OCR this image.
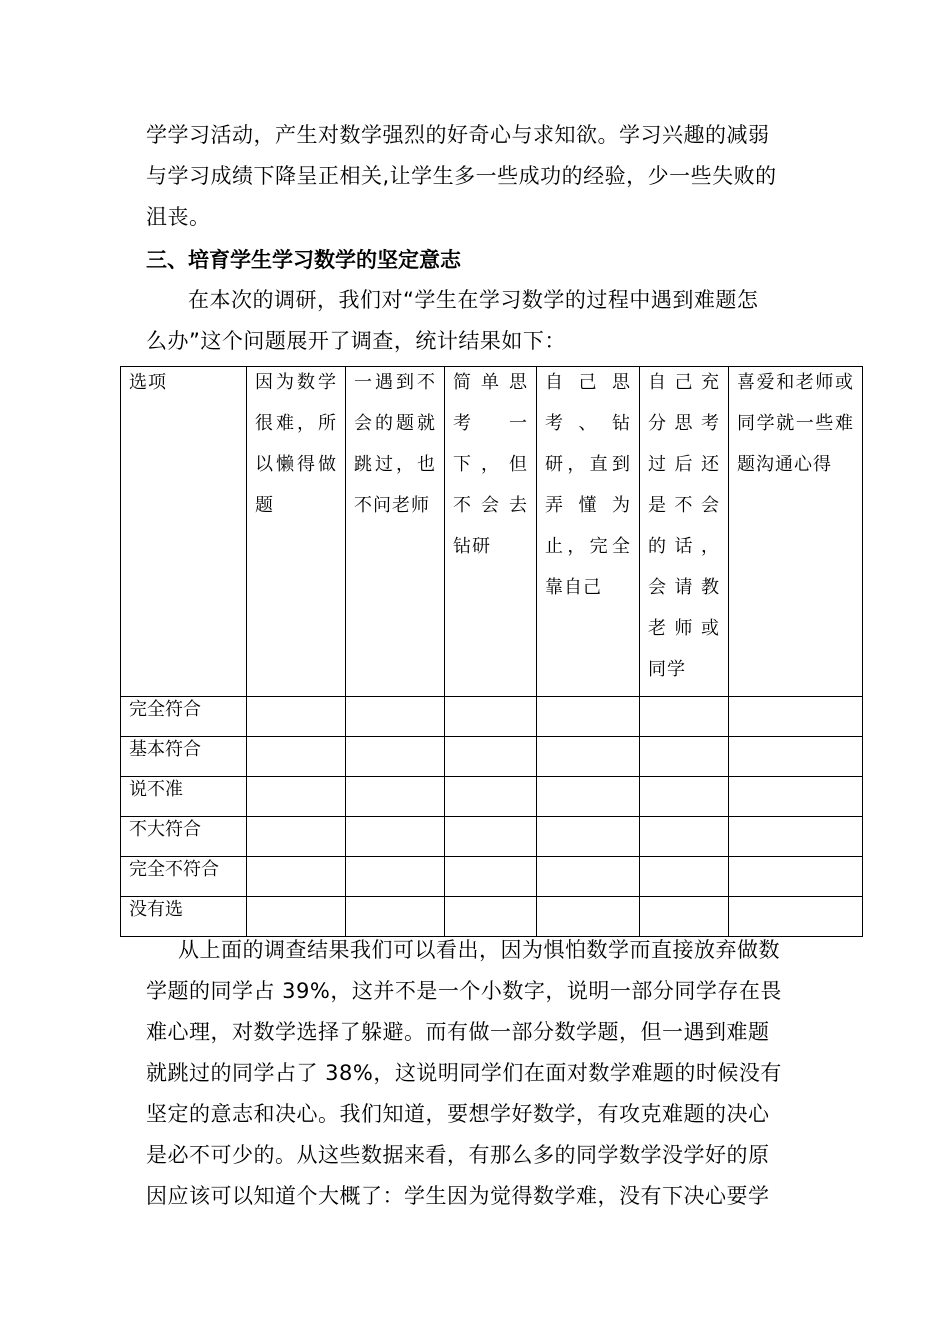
学学习活动，产生对数学强烈的好奇心与求知欲。学习兴趣的减弱
与学习成绩下降呈正相关,让学生多一些成功的经验，少一些失败的
沮丧。
三、培育学生学习数学的坚定意志
在本次的调研，我们对“学生在学习数学的过程中遇到难题怎
么办”这个问题展开了调查，统计结果如下：
选项	因为数学很难，所以懒得做题	一遇到不会的题就跳过，也不问老师	简单思考一下，但不会去钻研	自己思考、钻研，直到弄懂为止，完全靠自己	自己充分思考过后还是不会的话，会请教老师或同学	喜爱和老师或同学就一些难题沟通心得

完全符合						

基本符合						

说不准						

不大符合						

完全不符合						

没有选						

从上面的调查结果我们可以看出，因为惧怕数学而直接放弃做数
学题的同学占 39%，这并不是一个小数字，说明一部分同学存在畏
难心理，对数学选择了躲避。而有做一部分数学题，但一遇到难题
就跳过的同学占了 38%，这说明同学们在面对数学难题的时候没有
坚定的意志和决心。我们知道，要想学好数学，有攻克难题的决心
是必不可少的。从这些数据来看，有那么多的同学数学没学好的原
因应该可以知道个大概了：学生因为觉得数学难，没有下决心要学
